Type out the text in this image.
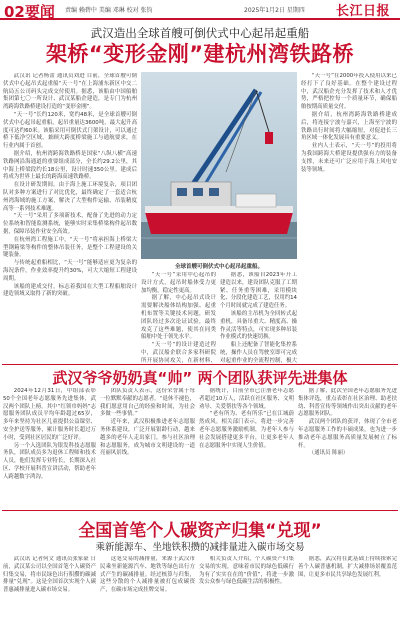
02要闻 责编 赖碧中 美编 邓琳 校对 张钧	2025年1月2日 星期四 长江日报
武汉造出全球首艘可倒伏式中心起吊起重船
架桥“变形金刚”建杭州湾铁路桥

武汉讯 记者杨蕾 通讯员刘进 目前，全球首艘可倒伏式中心起吊式起重船“天一号”在上海浦东新区中交二航局五公司码头完成交付使用。据悉，该船由中国船舶集团第七〇一所设计、武汉某船企建造，是专门为杭州湾跨海铁路桥建设打造的“变形金刚”。

“天一号”长约120米，宽约48米，是全球首艘可倒伏式中心起吊起重船，起吊重量达3600吨，最大起升高度可达约60米。该船采用可倒伏式门架设计，可以通过桥下低净空区域，兼顾大跨度桥梁施工与通航要求，在行业内属于首创。

据介绍，杭州湾跨海铁路桥是国家“八纵八横”高速铁路网沿海通道的重要组成部分，全长约29.2公里，其中海上桥梁段约长18公里，设计时速350公里。建成后将成为世界上最长的跨海高速铁路桥。

在设计研发期间，由于海上施工环境复杂，项目团队对多种方案进行了对比优化，最终确定了一套适合杭州湾海域的施工方案，解决了大型构件运输、吊装精度高等一系列技术难题。

“天一号”采用了多项新技术，配备了先进的动力定位系统和智能监测系统，能够实时采集桥梁构件起吊数据，保障吊装作业安全高效。

在杭州湾工程施工中，“天一号”将承担海上桥梁大型钢箱梁等构件的整体吊装任务，是整个工程建设的关键装备。

与传统起重船相比，“天一号”能够适应更为复杂的海况条件，作业效率提升约30%，可大大缩短工程建设周期。

该船的建成交付，标志着我国在大型工程船舶设计建造领域又取得了新的突破。

全球首艘可倒伏式中心起吊起重船。

“天一号”采用中心起吊的设计方式，起吊时船体受力更加均衡，稳定性更高。

据了解，中心起吊式设计需要解决船体结构加强、起重机布置等关键技术问题，研发团队经过多次论证试验，最终攻克了这些难题，使其在同类船舶中处于领先水平。

“天一号”的设计建造过程中，武汉船企联合多家科研院所开展协同攻关，在新材料、

据悉，该船自2023年开工建造以来，建设团队克服了工期紧、任务重等困难，采用模块化、分段化建造工艺，仅用约14个月时间就完成了建造任务。

该船的主吊机为全回转式起重机，具备吊重大、精度高、操作灵活等特点，可实现多种吊装作业模式的快速切换。

船上还配备了智能化集控系统，操作人员在驾驶室即可完成对起重作业的全流程控制，极大

“天一号”在2000年投入使用以来已经打下了良好基础。在整个建设过程中，武汉船企充分发挥了技术和人才优势，严格把控每一个质量环节，确保船舶按期高质量交付。

据介绍，杭州湾跨海铁路桥建成后，将连接宁波与嘉兴，上海至宁波的铁路出行时间将大幅缩短，对促进长三角区域一体化发展具有重要意义。

业内人士表示，“天一号”的投用将为我国跨海大桥建设提供强有力的装备支撑，未来还可广泛应用于海上风电安装等领域。

武汉爷爷奶奶真“帅” 两个团队获评先进集体

2024年12月31日，中组部表彰50个全国老年志愿服务先进集体，武汉两个团队上榜。其中“红领巾妈妈”志愿服务团队成员平均年龄超过65岁，多年来坚持为社区儿童提供公益课堂、安全护送等服务，累计服务时长超过万小时，受到社区居民的广泛好评。

另一个入选团队为银发科技志愿服务队，团队成员多为退休工程师和技术人员，他们发挥专业特长，长期深入社区、学校开展科普宣讲活动，帮助老年人跨越数字鸿沟。

团队负责人表示，这份荣誉属于每一位默默奉献的志愿者。“退休不褪色，我们愿意用自己的经验和时间，为社会多做一些事情。”

近年来，武汉积极推进老年志愿服务体系建设，广泛开展银龄行动，越来越多的老年人走出家门，参与社区治理和志愿服务，成为城市文明建设的一道亮丽风景线。

据统计，目前全市已注册老年志愿者超过10万人，活跃在社区服务、文明劝导、关爱帮扶等各个领域。

“老有所为、老有所乐”已在江城蔚然成风。相关部门表示，将进一步完善老年志愿服务激励机制，为老年人参与社会发展搭建更多平台，让更多老年人在志愿服务中实现人生价值。

据了解，此次全国老年志愿服务先进集体评选，重点表彰在社区治理、助老扶幼、科普宣传等领域作出突出贡献的老年志愿服务团队。

武汉两个团队的获评，体现了全市老年志愿服务工作的丰硕成果，也为进一步推动老年志愿服务高质量发展树立了标杆。

（通讯员 陈丽）

全国首笔个人碳资产归集“兑现”
乘新能源车、坐地铁积攒的减排量进入碳市场交易

武汉讯 记者何文 通讯员张家豪 日前，武汉某公司以全国首笔个人碳资产归集交易，将市民绿色出行积攒的碳减排量“兑现”。这是全国首次实现个人碳普惠减排量进入碳市场交易。

这笔交易的减排量，来源于武汉市民乘坐新能源汽车、地铁等绿色出行方式产生的碳减排量。经过核算与归集，这些分散的个人减排量被打包成碳资产，在碳市场完成挂牌交易。

相关负责人介绍，个人碳资产归集交易的实现，意味着市民的绿色低碳行为有了实实在在的“价值”，将进一步激发公众参与绿色低碳生活的积极性。

据悉，武汉将在此基础上持续探索完善个人碳普惠机制，扩大减排场景覆盖范围，让更多市民共享绿色发展红利。
